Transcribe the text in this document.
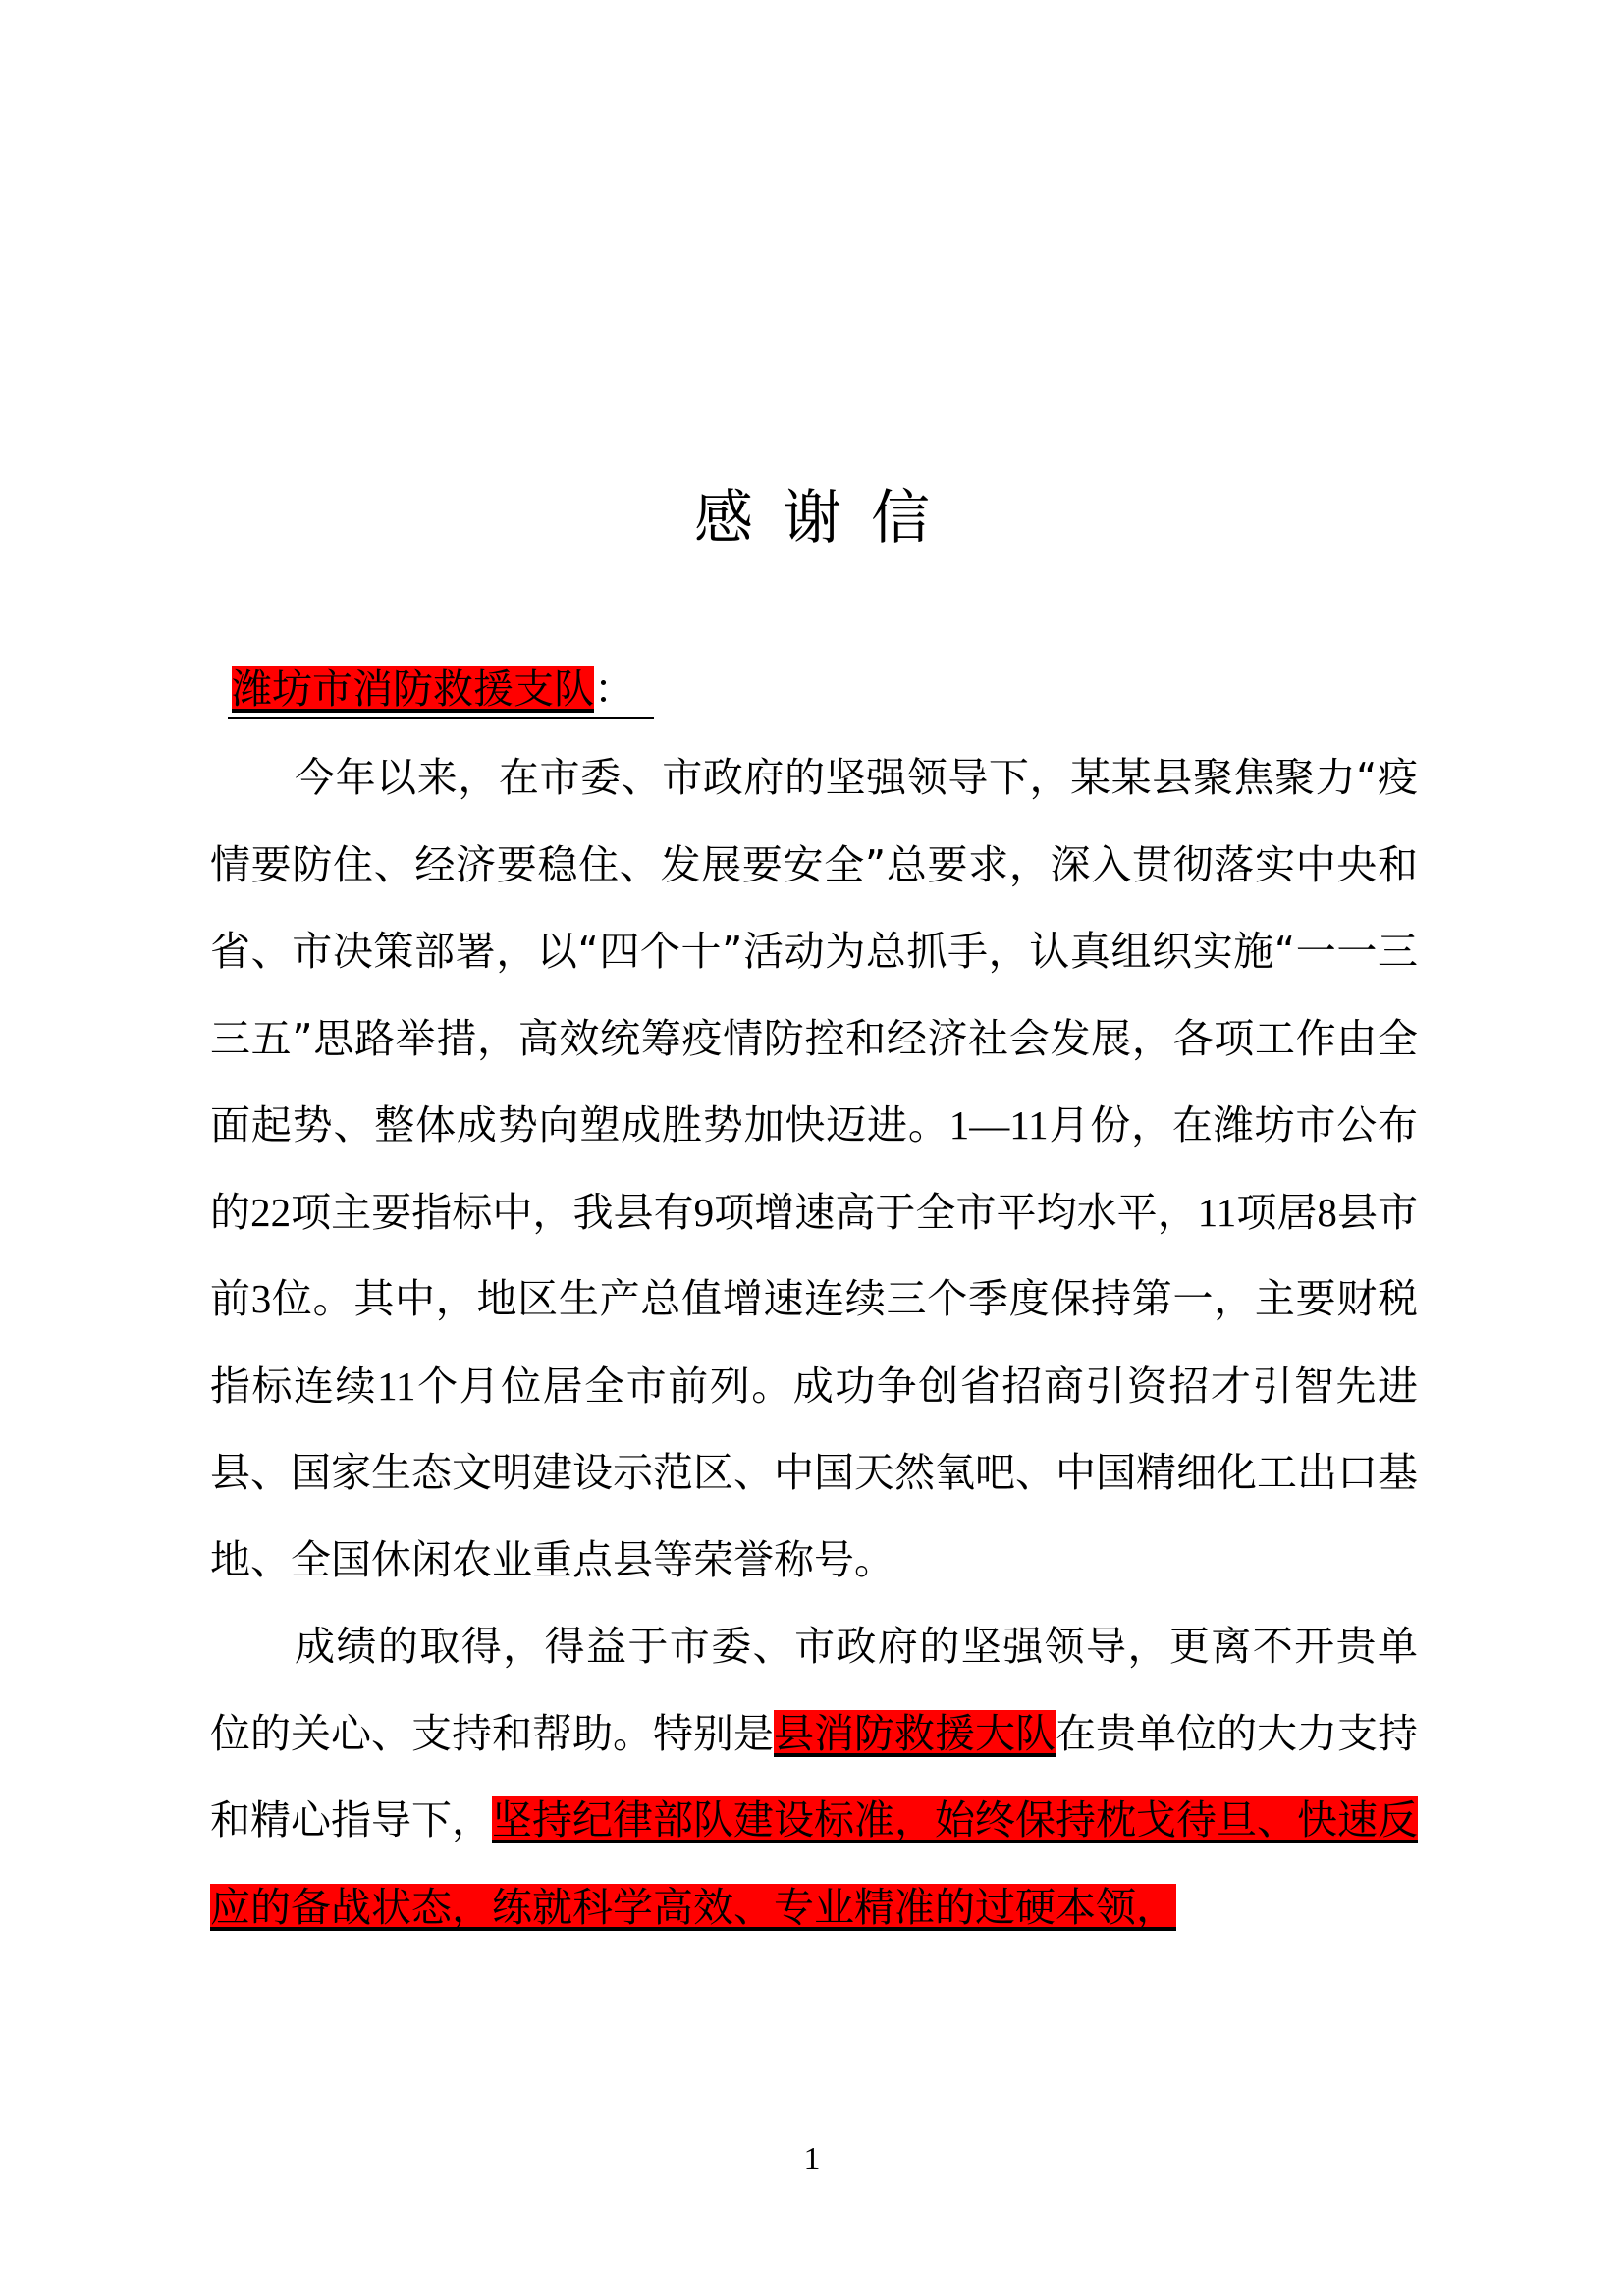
感谢信
潍坊市消防救援支队：

今年以来，在市委、市政府的坚强领导下，某某县聚焦聚力“疫情要防住、经济要稳住、发展要安全”总要求，深入贯彻落实中央和省、市决策部署，以“四个十”活动为总抓手，认真组织实施“一一三三五”思路举措，高效统筹疫情防控和经济社会发展，各项工作由全面起势、整体成势向塑成胜势加快迈进。1—11月份，在潍坊市公布的22项主要指标中，我县有9项增速高于全市平均水平，11项居8县市前3位。其中，地区生产总值增速连续三个季度保持第一，主要财税指标连续11个月位居全市前列。成功争创省招商引资招才引智先进县、国家生态文明建设示范区、中国天然氧吧、中国精细化工出口基地、全国休闲农业重点县等荣誉称号。

成绩的取得，得益于市委、市政府的坚强领导，更离不开贵单位的关心、支持和帮助。特别是县消防救援大队在贵单位的大力支持和精心指导下，坚持纪律部队建设标准，始终保持枕戈待旦、快速反应的备战状态，练就科学高效、专业精准的过硬本领，

1
